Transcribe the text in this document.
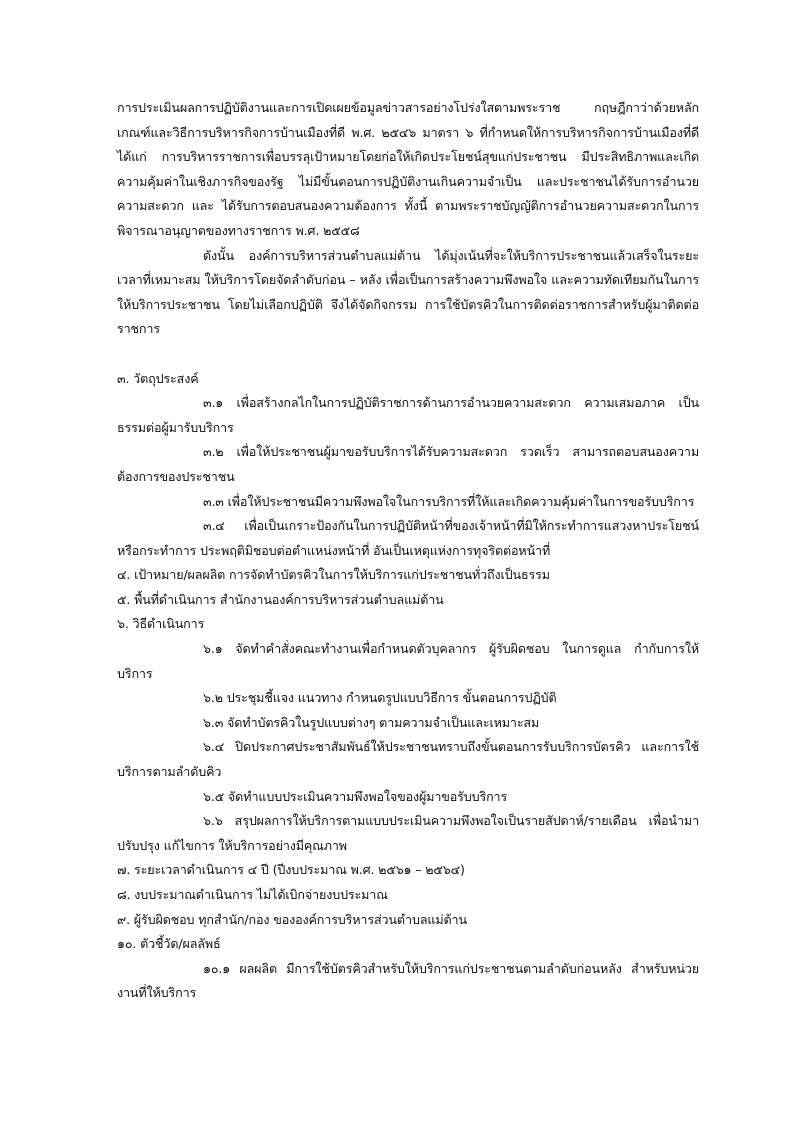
การประเมินผลการปฏิบัติงานและการเปิดเผยข้อมูลข่าวสารอย่างโปร่งใสตามพระราช กฤษฎีกาว่าด้วยหลักเกณฑ์และวิธีการบริหารกิจการบ้านเมืองที่ดี พ.ศ. ๒๕๔๖ มาตรา ๖ ที่กำหนดให้การบริหารกิจการบ้านเมืองที่ดี ได้แก่ การบริหารราชการเพื่อบรรลุเป้าหมายโดยก่อให้เกิดประโยชน์สุขแก่ประชาชน มีประสิทธิภาพและเกิด ความคุ้มค่าในเชิงภารกิจของรัฐ ไม่มีขั้นตอนการปฏิบัติงานเกินความจำเป็น และประชาชนได้รับการอำนวยความสะดวก และ ได้รับการตอบสนองความต้องการ ทั้งนี้ ตามพระราชบัญญัติการอำนวยความสะดวกในการพิจารณาอนุญาตของทางราชการ พ.ศ. ๒๕๕๘

ดังนั้น องค์การบริหารส่วนตำบลแม่ต้าน ได้มุ่งเน้นที่จะให้บริการประชาชนแล้วเสร็จในระยะเวลาที่เหมาะสม ให้บริการโดยจัดลำดับก่อน – หลัง เพื่อเป็นการสร้างความพึงพอใจ และความทัดเทียมกันในการให้บริการประชาชน โดยไม่เลือกปฏิบัติ จึงได้จัดกิจกรรม การใช้บัตรคิวในการติดต่อราชการสำหรับผู้มาติดต่อราชการ

๓. วัตถุประสงค์

๓.๑ เพื่อสร้างกลไกในการปฏิบัติราชการด้านการอำนวยความสะดวก ความเสมอภาค เป็นธรรมต่อผู้มารับบริการ

๓.๒ เพื่อให้ประชาชนผู้มาขอรับบริการได้รับความสะดวก รวดเร็ว สามารถตอบสนองความต้องการของประชาชน

๓.๓ เพื่อให้ประชาชนมีความพึงพอใจในการบริการที่ให้และเกิดความคุ้มค่าในการขอรับบริการ

๓.๔ เพื่อเป็นเกราะป้องกันในการปฏิบัติหน้าที่ของเจ้าหน้าที่มิให้กระทำการแสวงหาประโยชน์หรือกระทำการ ประพฤติมิชอบต่อตำแหน่งหน้าที่ อันเป็นเหตุแห่งการทุจริตต่อหน้าที่

๔. เป้าหมาย/ผลผลิต การจัดทำบัตรคิวในการให้บริการแก่ประชาชนทั่วถึงเป็นธรรม

๕. พื้นที่ดำเนินการ สำนักงานองค์การบริหารส่วนตำบลแม่ต้าน

๖. วิธีดำเนินการ

๖.๑ จัดทำคำสั่งคณะทำงานเพื่อกำหนดตัวบุคลากร ผู้รับผิดชอบ ในการดูแล กำกับการให้บริการ

๖.๒ ประชุมชี้แจง แนวทาง กำหนดรูปแบบวิธีการ ขั้นตอนการปฏิบัติ

๖.๓ จัดทำบัตรคิวในรูปแบบต่างๆ ตามความจำเป็นและเหมาะสม

๖.๔ ปิดประกาศประชาสัมพันธ์ให้ประชาชนทราบถึงขั้นตอนการรับบริการบัตรคิว และการใช้บริการตามลำดับคิว

๖.๕ จัดทำแบบประเมินความพึงพอใจของผู้มาขอรับบริการ

๖.๖ สรุปผลการให้บริการตามแบบประเมินความพึงพอใจเป็นรายสัปดาห์/รายเดือน เพื่อนำมาปรับปรุง แก้ไขการ ให้บริการอย่างมีคุณภาพ

๗. ระยะเวลาดำเนินการ ๔ ปี (ปีงบประมาณ พ.ศ. ๒๕๖๑ – ๒๕๖๔)

๘. งบประมาณดำเนินการ ไม่ได้เบิกจ่ายงบประมาณ

๙. ผู้รับผิดชอบ ทุกสำนัก/กอง ขององค์การบริหารส่วนตำบลแม่ต้าน

๑๐. ตัวชี้วัด/ผลลัพธ์

๑๐.๑ ผลผลิต มีการใช้บัตรคิวสำหรับให้บริการแก่ประชาชนตามลำดับก่อนหลัง สำหรับหน่วยงานที่ให้บริการ
